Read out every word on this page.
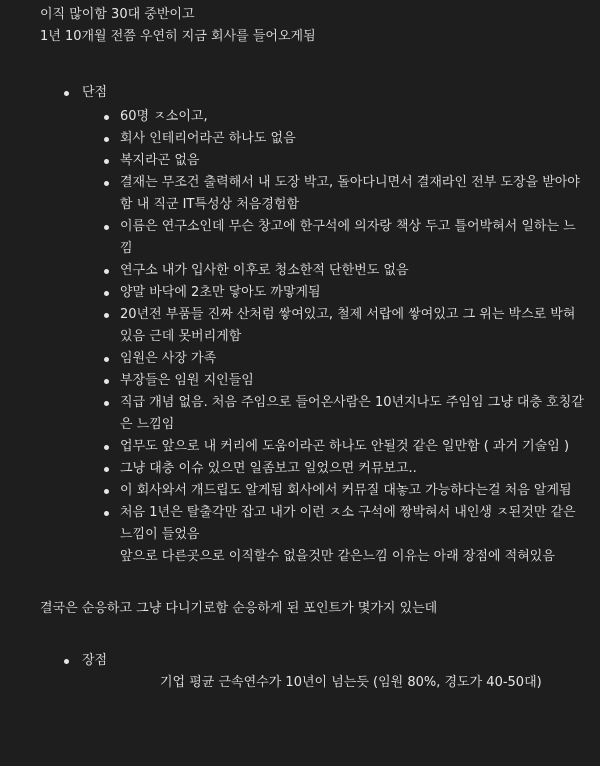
이직 많이함 30대 중반이고

1년 10개월 전쯤 우연히 지금 회사를 들어오게됨

단점
60명 ㅈ소이고,
회사 인테리어라곤 하나도 없음
복지라곤 없음
결재는 무조건 출력해서 내 도장 박고, 돌아다니면서 결재라인 전부 도장을 받아야함 내 직군 IT특성상 처음경험함
이름은 연구소인데 무슨 창고에 한구석에 의자랑 책상 두고 틀어박혀서 일하는 느낌
연구소 내가 입사한 이후로 청소한적 단한번도 없음
양말 바닥에 2초만 닿아도 까맣게됨
20년전 부품들 진짜 산처럼 쌓여있고, 철제 서랍에 쌓여있고 그 위는 박스로 박혀있음 근데 못버리게함
임원은 사장 가족
부장들은 임원 지인들임
직급 개념 없음. 처음 주임으로 들어온사람은 10년지나도 주임임 그냥 대충 호칭같은 느낌임
업무도 앞으로 내 커리에 도움이라곤 하나도 안될것 같은 일만함 ( 과거 기술임 )
그냥 대충 이슈 있으면 일좀보고 일었으면 커뮤보고..
이 회사와서 개드립도 알게됨 회사에서 커뮤질 대놓고 가능하다는걸 처음 알게됨
처음 1년은 탈출각만 잡고 내가 이런 ㅈ소 구석에 짱박혀서 내인생 ㅈ된것만 같은 느낌이 들었음
앞으로 다른곳으로 이직할수 없을것만 같은느낌 이유는 아래 장점에 적혀있음

결국은 순응하고 그냥 다니기로함 순응하게 된 포인트가 몇가지 있는데

장점
기업 평균 근속연수가 10년이 넘는듯 (임원 80%, 경도가 40-50대)
